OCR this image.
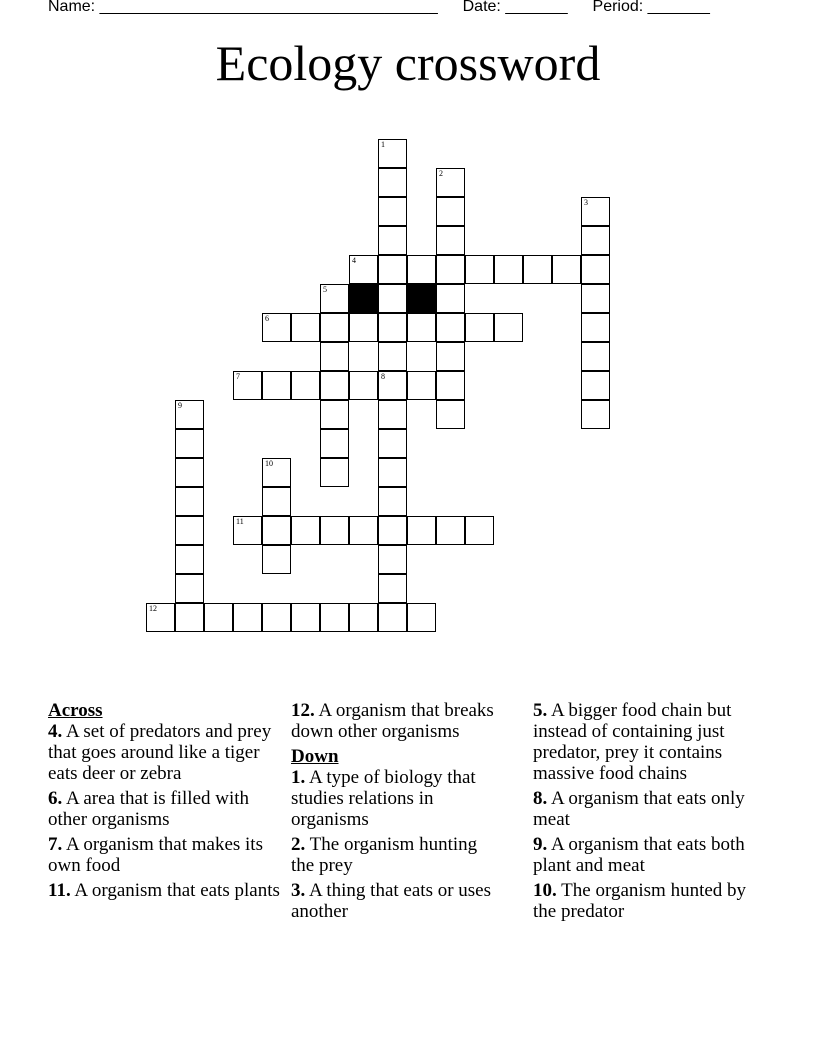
Name: ______________________________________ Date: _______ Period: _______
Ecology crossword
1
2
3
4
5
6
7	8
9
10
11
12
Across
4. A set of predators and prey that goes around like a tiger eats deer or zebra
6. A area that is filled with other organisms
7. A organism that makes its own food
11. A organism that eats plants
12. A organism that breaks down other organisms
Down
1. A type of biology that studies relations in organisms
2. The organism hunting the prey
3. A thing that eats or uses another
5. A bigger food chain but instead of containing just predator, prey it contains massive food chains
8. A organism that eats only meat
9. A organism that eats both plant and meat
10. The organism hunted by the predator
